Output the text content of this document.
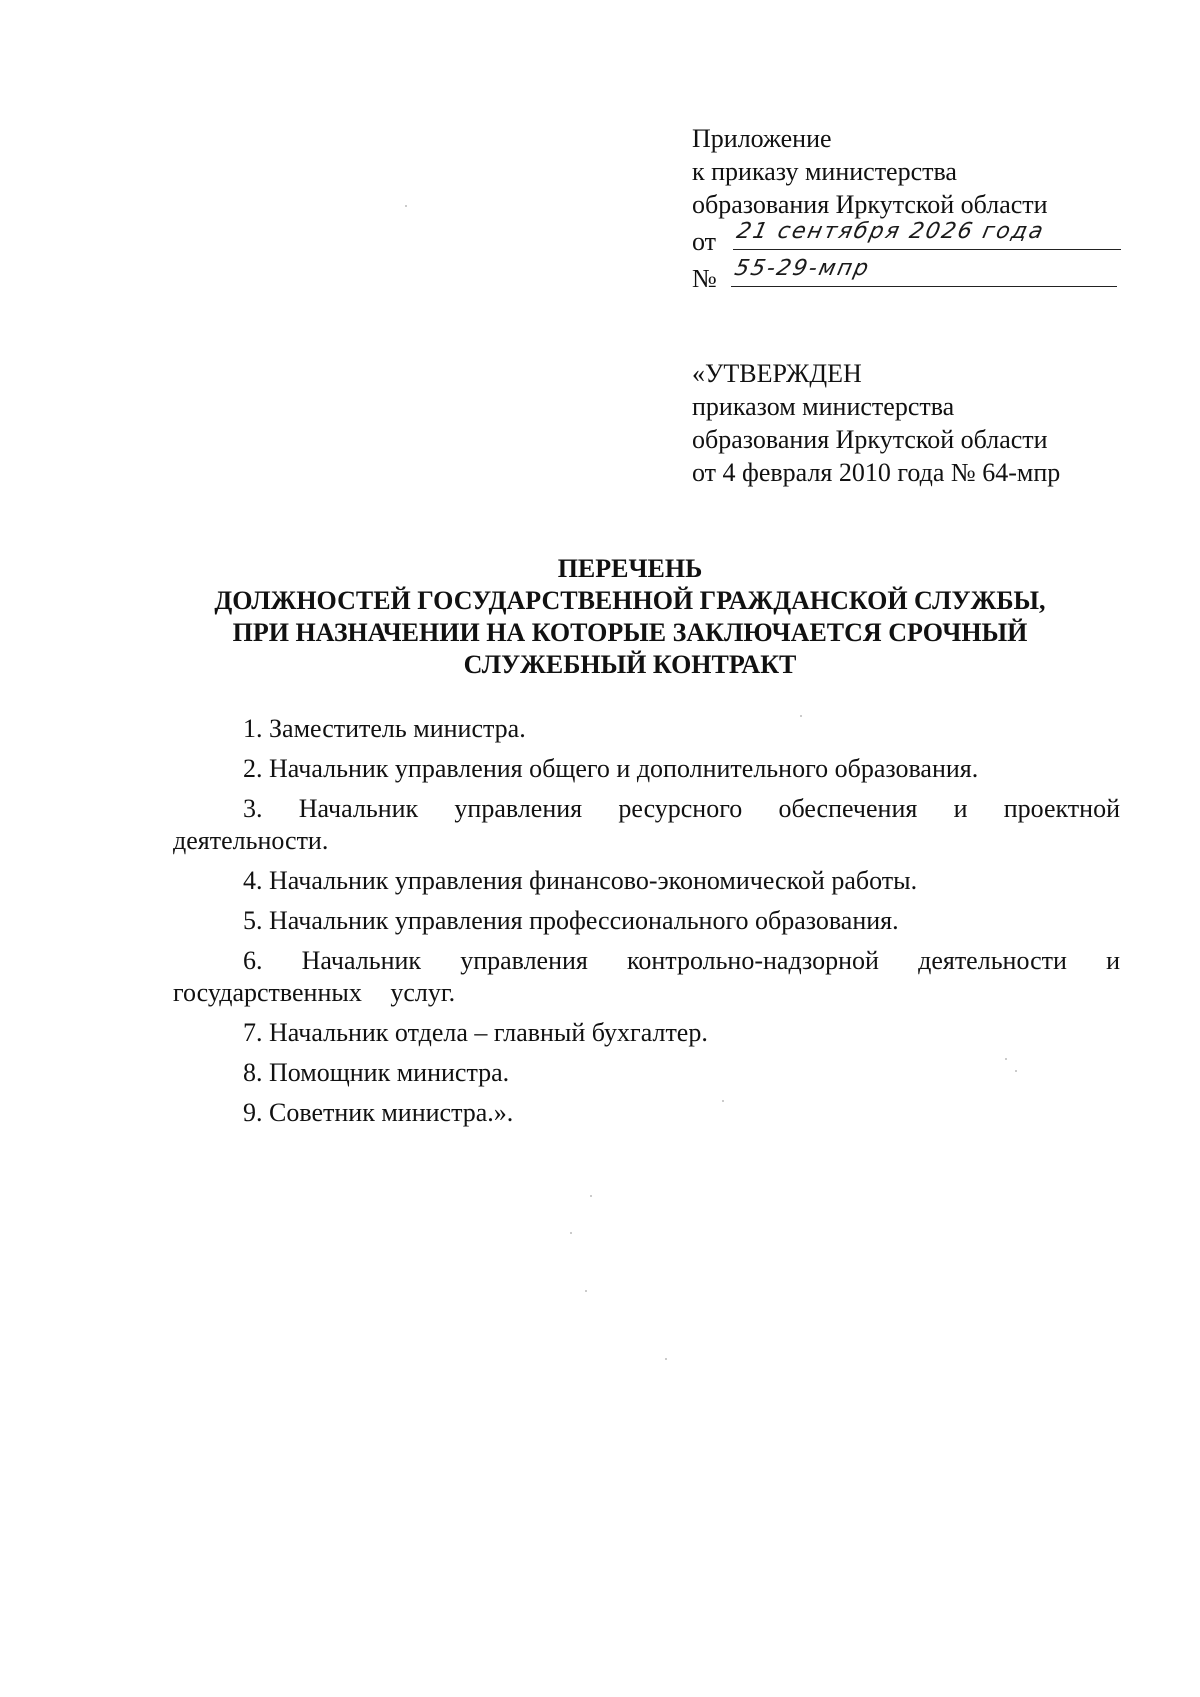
Приложение
к приказу министерства
образования Иркутской области
от 21 сентября 2026 года
№ 55-29-мпр
«УТВЕРЖДЕН
приказом министерства
образования Иркутской области
от 4 февраля 2010 года № 64-мпр
ПЕРЕЧЕНЬ
ДОЛЖНОСТЕЙ ГОСУДАРСТВЕННОЙ ГРАЖДАНСКОЙ СЛУЖБЫ,
ПРИ НАЗНАЧЕНИИ НА КОТОРЫЕ ЗАКЛЮЧАЕТСЯ СРОЧНЫЙ
СЛУЖЕБНЫЙ КОНТРАКТ

1. Заместитель министра.

2. Начальник управления общего и дополнительного образования.

3. Начальник управления ресурсного обеспечения и проектной деятельности.

4. Начальник управления финансово-экономической работы.

5. Начальник управления профессионального образования.

6. Начальник управления контрольно-надзорной деятельности и государственных услуг.

7. Начальник отдела – главный бухгалтер.

8. Помощник министра.

9. Советник министра.».
